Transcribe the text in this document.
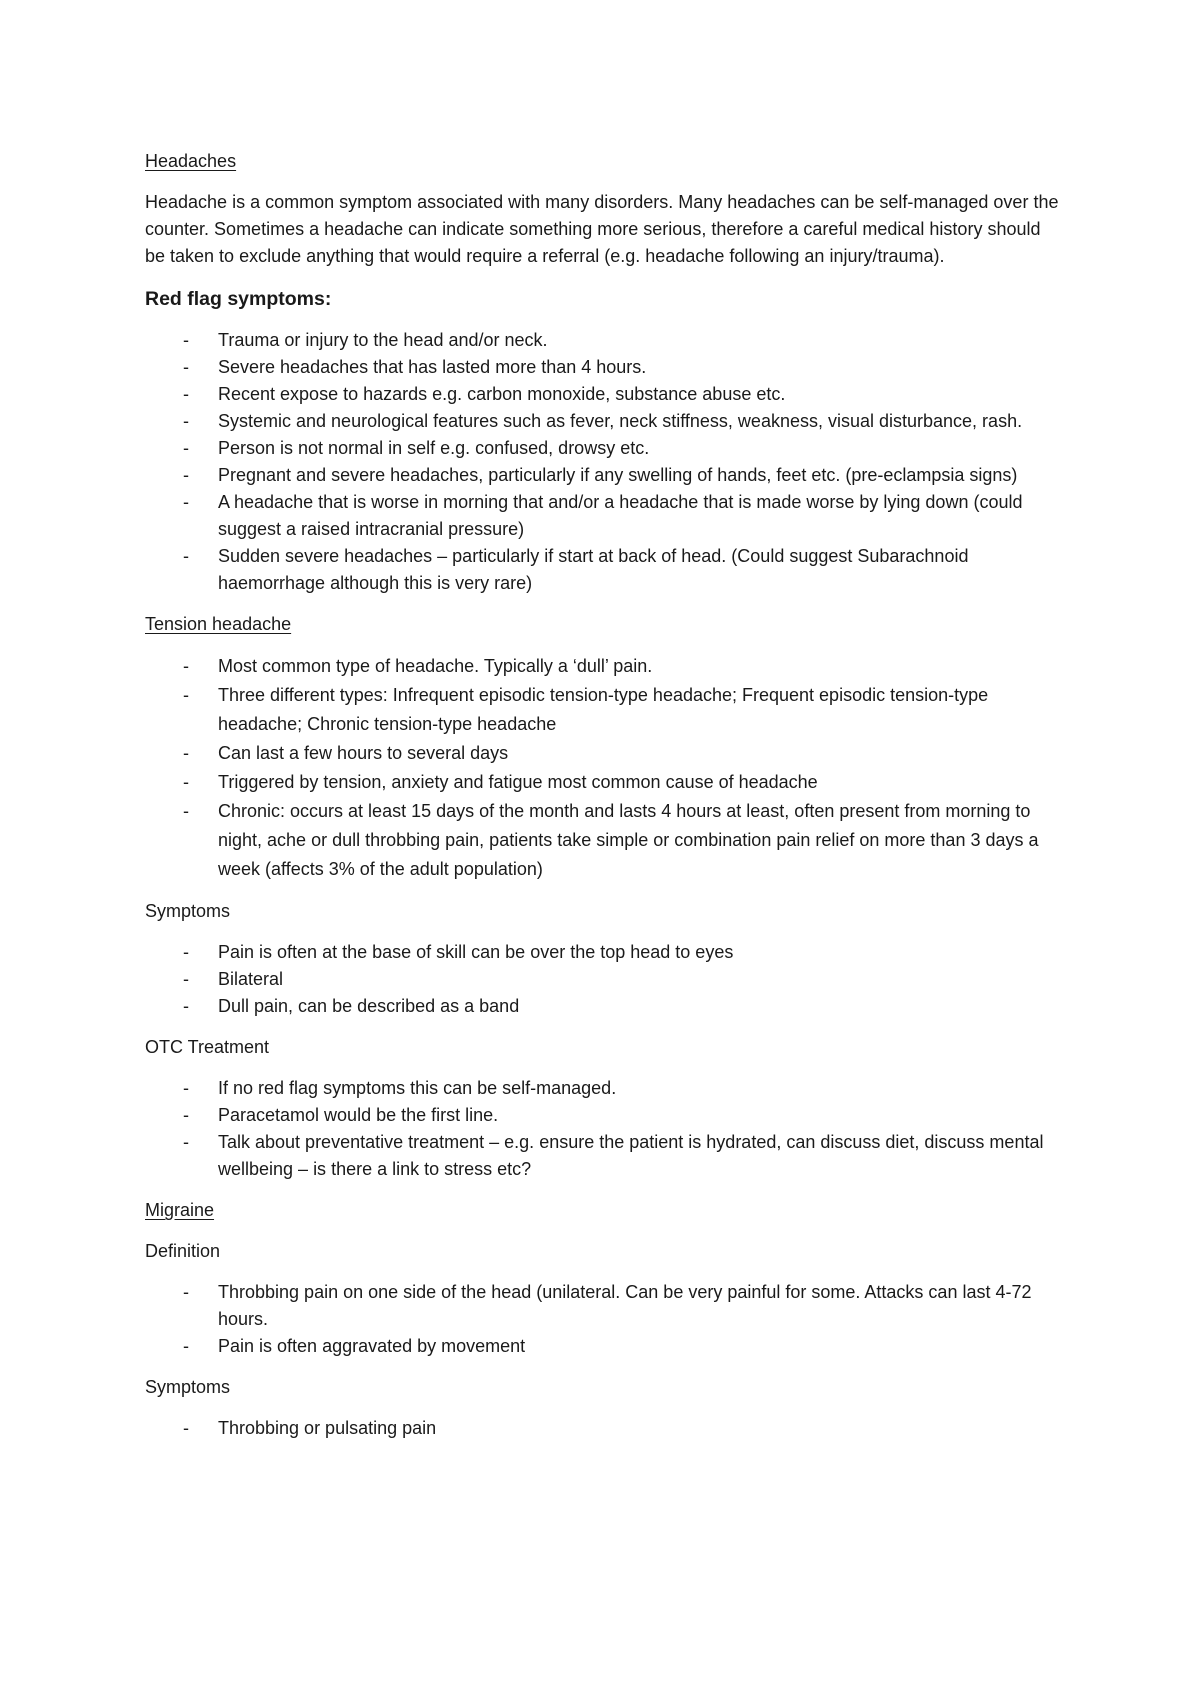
Headaches

Headache is a common symptom associated with many disorders. Many headaches can be self-managed over the counter. Sometimes a headache can indicate something more serious, therefore a careful medical history should be taken to exclude anything that would require a referral (e.g. headache following an injury/trauma).

Red flag symptoms:

- Trauma or injury to the head and/or neck.
- Severe headaches that has lasted more than 4 hours.
- Recent expose to hazards e.g. carbon monoxide, substance abuse etc.
- Systemic and neurological features such as fever, neck stiffness, weakness, visual disturbance, rash.
- Person is not normal in self e.g. confused, drowsy etc.
- Pregnant and severe headaches, particularly if any swelling of hands, feet etc. (pre-eclampsia signs)
- A headache that is worse in morning that and/or a headache that is made worse by lying down (could suggest a raised intracranial pressure)
- Sudden severe headaches – particularly if start at back of head. (Could suggest Subarachnoid haemorrhage although this is very rare)

Tension headache

- Most common type of headache. Typically a ‘dull’ pain.
- Three different types: Infrequent episodic tension-type headache; Frequent episodic tension-type headache; Chronic tension-type headache
- Can last a few hours to several days
- Triggered by tension, anxiety and fatigue most common cause of headache
- Chronic: occurs at least 15 days of the month and lasts 4 hours at least, often present from morning to night, ache or dull throbbing pain, patients take simple or combination pain relief on more than 3 days a week (affects 3% of the adult population)

Symptoms

- Pain is often at the base of skill can be over the top head to eyes
- Bilateral
- Dull pain, can be described as a band

OTC Treatment

- If no red flag symptoms this can be self-managed.
- Paracetamol would be the first line.
- Talk about preventative treatment – e.g. ensure the patient is hydrated, can discuss diet, discuss mental wellbeing – is there a link to stress etc?

Migraine

Definition

- Throbbing pain on one side of the head (unilateral. Can be very painful for some. Attacks can last 4-72 hours.
- Pain is often aggravated by movement

Symptoms

- Throbbing or pulsating pain
